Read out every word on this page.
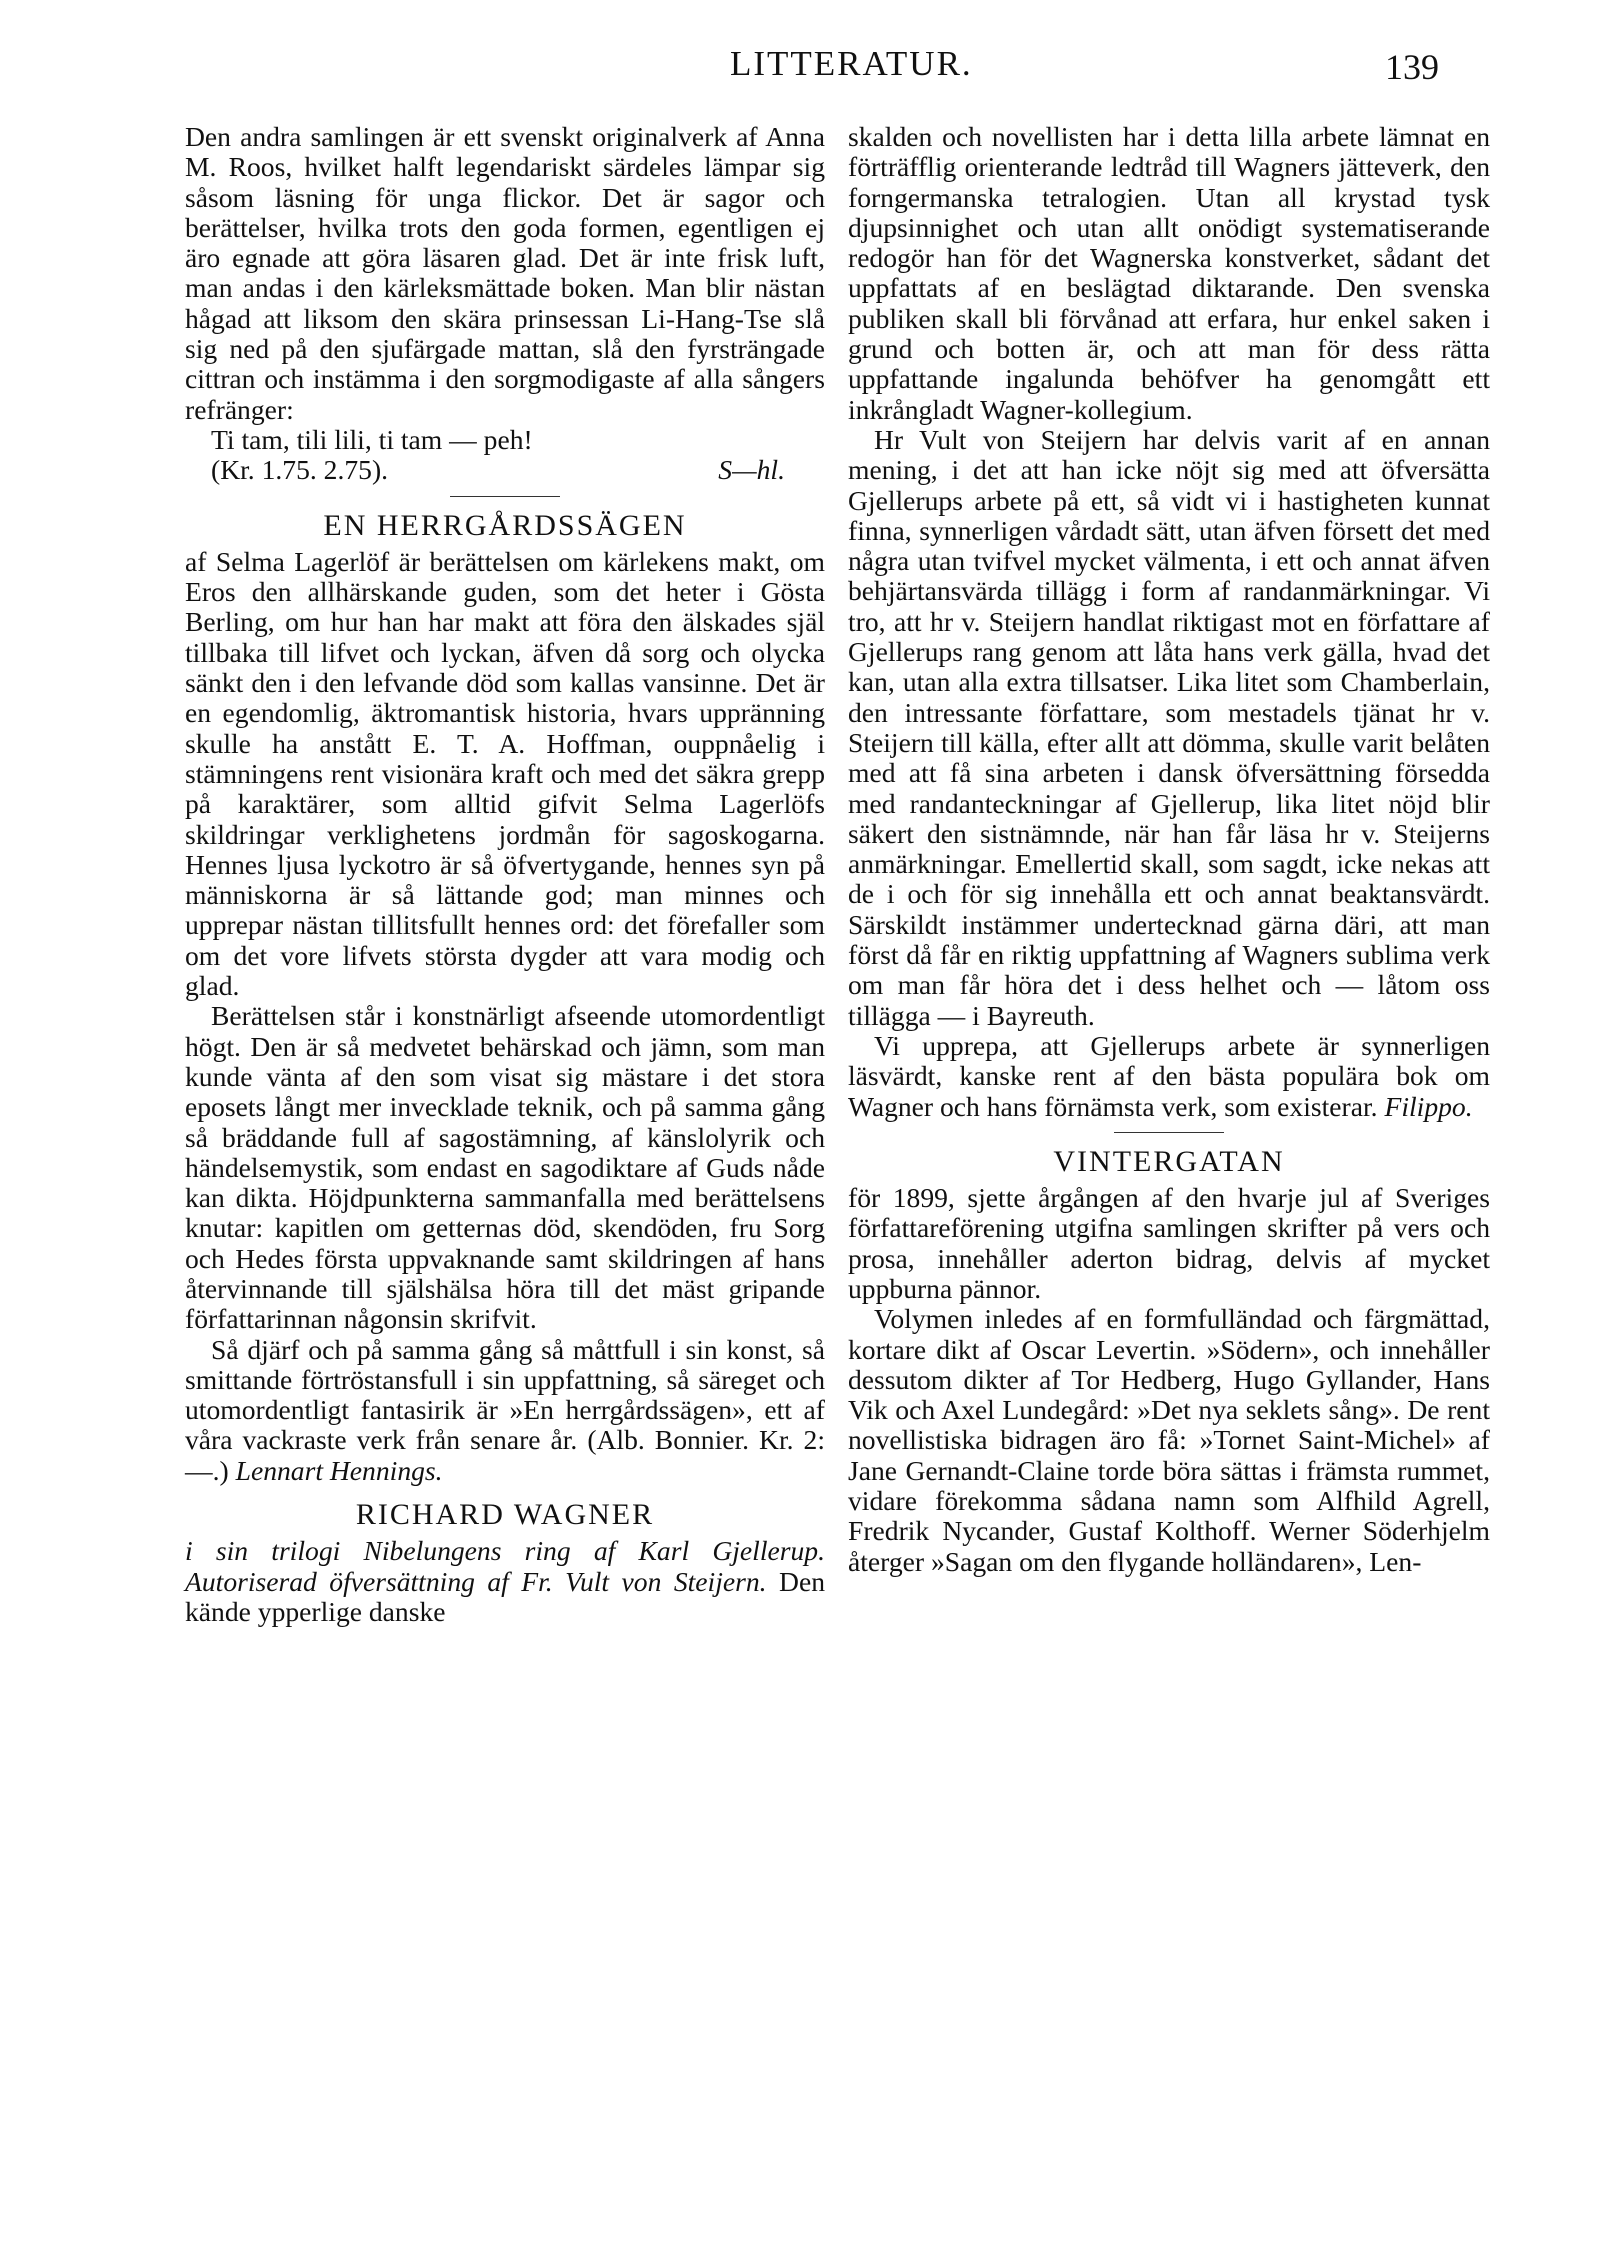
LITTERATUR.	139

Den andra samlingen är ett svenskt originalverk af Anna M. Roos, hvilket halft legendariskt särdeles lämpar sig såsom läsning för unga flickor. Det är sagor och berättelser, hvilka trots den goda formen, egentligen ej äro egnade att göra läsaren glad. Det är inte frisk luft, man andas i den kärleksmättade boken. Man blir nästan hågad att liksom den skära prinsessan Li-Hang-Tse slå sig ned på den sjufärgade mattan, slå den fyrsträngade cittran och instämma i den sorgmodigaste af alla sångers refränger:

Ti tam, tili lili, ti tam — peh!

(Kr. 1.75. 2.75).	S—hl.
EN HERRGÅRDSSÄGEN

af Selma Lagerlöf är berättelsen om kärlekens makt, om Eros den allhärskande guden, som det heter i Gösta Berling, om hur han har makt att föra den älskades själ tillbaka till lifvet och lyckan, äfven då sorg och olycka sänkt den i den lefvande död som kallas vansinne. Det är en egendomlig, äktromantisk historia, hvars uppränning skulle ha anstått E. T. A. Hoffman, ouppnåelig i stämningens rent visionära kraft och med det säkra grepp på karaktärer, som alltid gifvit Selma Lagerlöfs skildringar verklighetens jordmån för sagoskogarna. Hennes ljusa lyckotro är så öfvertygande, hennes syn på människorna är så lättande god; man minnes och upprepar nästan tillitsfullt hennes ord: det förefaller som om det vore lifvets största dygder att vara modig och glad.

Berättelsen står i konstnärligt afseende utomordentligt högt. Den är så medvetet behärskad och jämn, som man kunde vänta af den som visat sig mästare i det stora eposets långt mer invecklade teknik, och på samma gång så bräddande full af sagostämning, af känslolyrik och händelsemystik, som endast en sagodiktare af Guds nåde kan dikta. Höjdpunkterna sammanfalla med berättelsens knutar: kapitlen om getternas död, skendöden, fru Sorg och Hedes första uppvaknande samt skildringen af hans återvinnande till själshälsa höra till det mäst gripande författarinnan någonsin skrifvit.

Så djärf och på samma gång så måttfull i sin konst, så smittande förtröstansfull i sin uppfattning, så säreget och utomordentligt fantasirik är »En herrgårdssägen», ett af våra vackraste verk från senare år. (Alb. Bonnier. Kr. 2: —.) Lennart Hennings.

RICHARD WAGNER

i sin trilogi Nibelungens ring af Karl Gjellerup. Autoriserad öfversättning af Fr. Vult von Steijern. Den kände ypperlige danske

skalden och novellisten har i detta lilla arbete lämnat en förträfflig orienterande ledtråd till Wagners jätteverk, den forngermanska tetralogien. Utan all krystad tysk djupsinnighet och utan allt onödigt systematiserande redogör han för det Wagnerska konstverket, sådant det uppfattats af en beslägtad diktarande. Den svenska publiken skall bli förvånad att erfara, hur enkel saken i grund och botten är, och att man för dess rätta uppfattande ingalunda behöfver ha genomgått ett inkrångladt Wagner-kollegium.

Hr Vult von Steijern har delvis varit af en annan mening, i det att han icke nöjt sig med att öfversätta Gjellerups arbete på ett, så vidt vi i hastigheten kunnat finna, synnerligen vårdadt sätt, utan äfven försett det med några utan tvifvel mycket välmenta, i ett och annat äfven behjärtansvärda tillägg i form af randanmärkningar. Vi tro, att hr v. Steijern handlat riktigast mot en författare af Gjellerups rang genom att låta hans verk gälla, hvad det kan, utan alla extra tillsatser. Lika litet som Chamberlain, den intressante författare, som mestadels tjänat hr v. Steijern till källa, efter allt att dömma, skulle varit belåten med att få sina arbeten i dansk öfversättning försedda med randanteckningar af Gjellerup, lika litet nöjd blir säkert den sistnämnde, när han får läsa hr v. Steijerns anmärkningar. Emellertid skall, som sagdt, icke nekas att de i och för sig innehålla ett och annat beaktansvärdt. Särskildt instämmer undertecknad gärna däri, att man först då får en riktig uppfattning af Wagners sublima verk om man får höra det i dess helhet och — låtom oss tillägga — i Bayreuth.

Vi upprepa, att Gjellerups arbete är synnerligen läsvärdt, kanske rent af den bästa populära bok om Wagner och hans förnämsta verk, som existerar. Filippo.

VINTERGATAN

för 1899, sjette årgången af den hvarje jul af Sveriges författareförening utgifna samlingen skrifter på vers och prosa, innehåller aderton bidrag, delvis af mycket uppburna pännor.

Volymen inledes af en formfulländad och färgmättad, kortare dikt af Oscar Levertin. »Södern», och innehåller dessutom dikter af Tor Hedberg, Hugo Gyllander, Hans Vik och Axel Lundegård: »Det nya seklets sång». De rent novellistiska bidragen äro få: »Tornet Saint-Michel» af Jane Gernandt-Claine torde böra sättas i främsta rummet, vidare förekomma sådana namn som Alfhild Agrell, Fredrik Nycander, Gustaf Kolthoff. Werner Söderhjelm återger »Sagan om den flygande holländaren», Len-
